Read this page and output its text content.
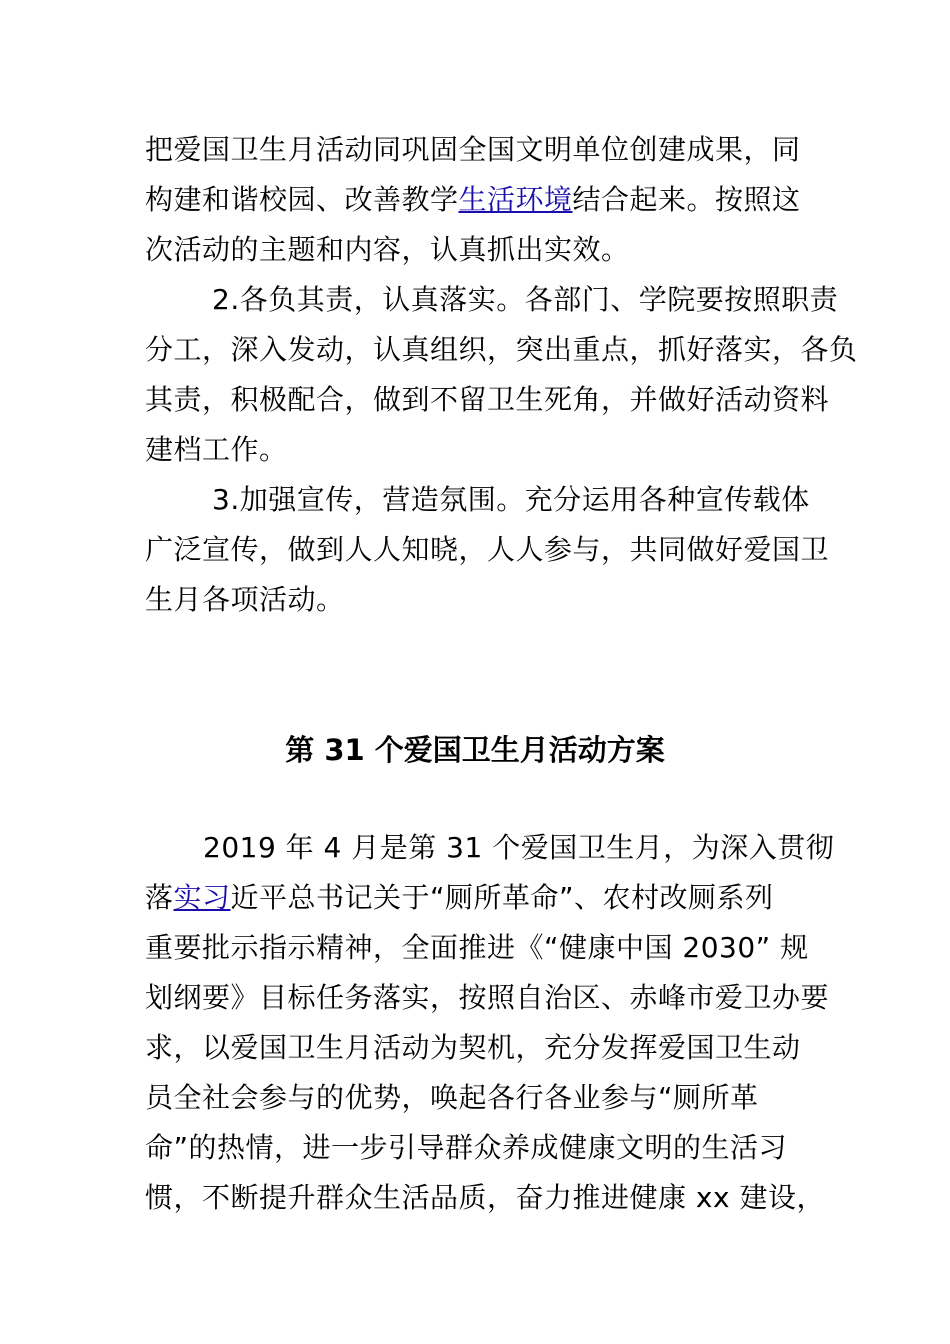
把爱国卫生月活动同巩固全国文明单位创建成果，同
构建和谐校园、改善教学生活环境结合起来。按照这
次活动的主题和内容，认真抓出实效。
2.各负其责，认真落实。各部门、学院要按照职责
分工，深入发动，认真组织，突出重点，抓好落实，各负
其责，积极配合，做到不留卫生死角，并做好活动资料
建档工作。
3.加强宣传，营造氛围。充分运用各种宣传载体
广泛宣传，做到人人知晓，人人参与，共同做好爱国卫
生月各项活动。
第 31 个爱国卫生月活动方案
2019 年 4 月是第 31 个爱国卫生月，为深入贯彻
落实习近平总书记关于“厕所革命”、农村改厕系列
重要批示指示精神，全面推进《“健康中国 2030” 规
划纲要》目标任务落实，按照自治区、赤峰市爱卫办要
求，以爱国卫生月活动为契机，充分发挥爱国卫生动
员全社会参与的优势，唤起各行各业参与“厕所革
命”的热情，进一步引导群众养成健康文明的生活习
惯，不断提升群众生活品质，奋力推进健康 xx 建设，
